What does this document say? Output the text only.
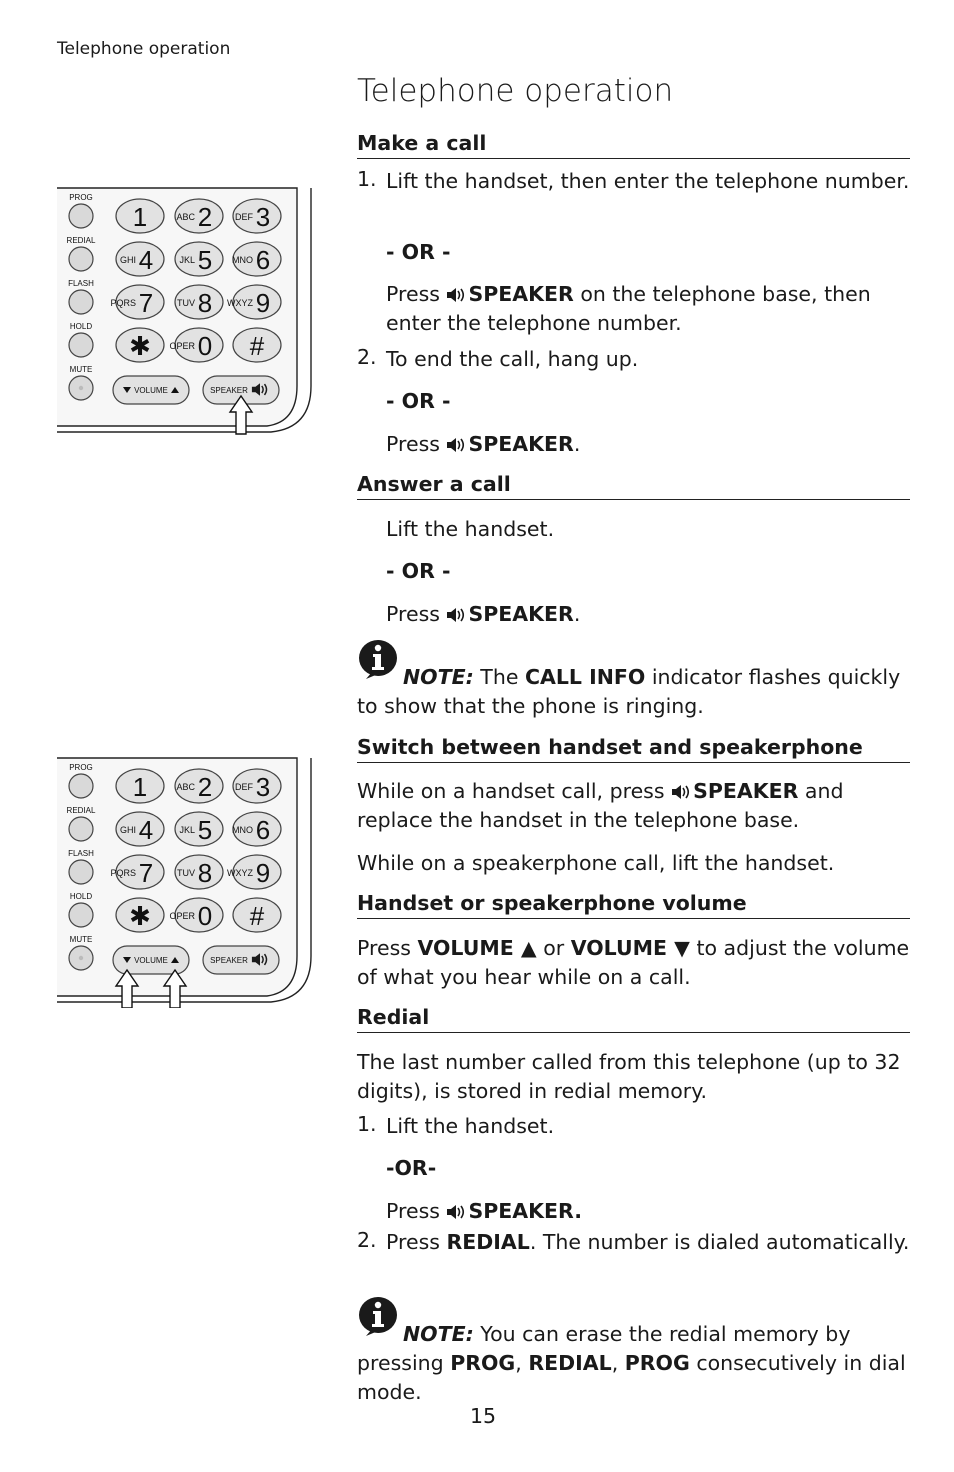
Telephone operation
Telephone operation
PROG
REDIAL
FLASH
HOLD
MUTE
1	ABC 2	DEF 3
GHI 4	JKL 5 MNO 6
PQRS 7	TUV 8 WXYZ 9
✱ OPER 0 #
VOLUME	SPEAKER
PROG
REDIAL
FLASH
HOLD
MUTE
1	ABC 2	DEF 3
GHI 4	JKL 5 MNO 6
PQRS 7	TUV 8 WXYZ 9
✱ OPER 0 #
VOLUME	SPEAKER
Make a call
1. Lift the handset, then enter the telephone number.
- OR -
Press SPEAKER on the telephone base, then enter the telephone number.
2. To end the call, hang up.
- OR -
Press SPEAKER.
Answer a call
Lift the handset.
- OR -
Press SPEAKER.
NOTE: The CALL INFO indicator flashes quickly to show that the phone is ringing.
Switch between handset and speakerphone
While on a handset call, press SPEAKER and replace the handset in the telephone base.
While on a speakerphone call, lift the handset.
Handset or speakerphone volume
Press VOLUME ▲ or VOLUME ▼ to adjust the volume of what you hear while on a call.
Redial
The last number called from this telephone (up to 32 digits), is stored in redial memory.
1. Lift the handset.
-OR-
Press SPEAKER.
2. Press REDIAL. The number is dialed automatically.
NOTE: You can erase the redial memory by pressing PROG, REDIAL, PROG consecutively in dial mode.
15
